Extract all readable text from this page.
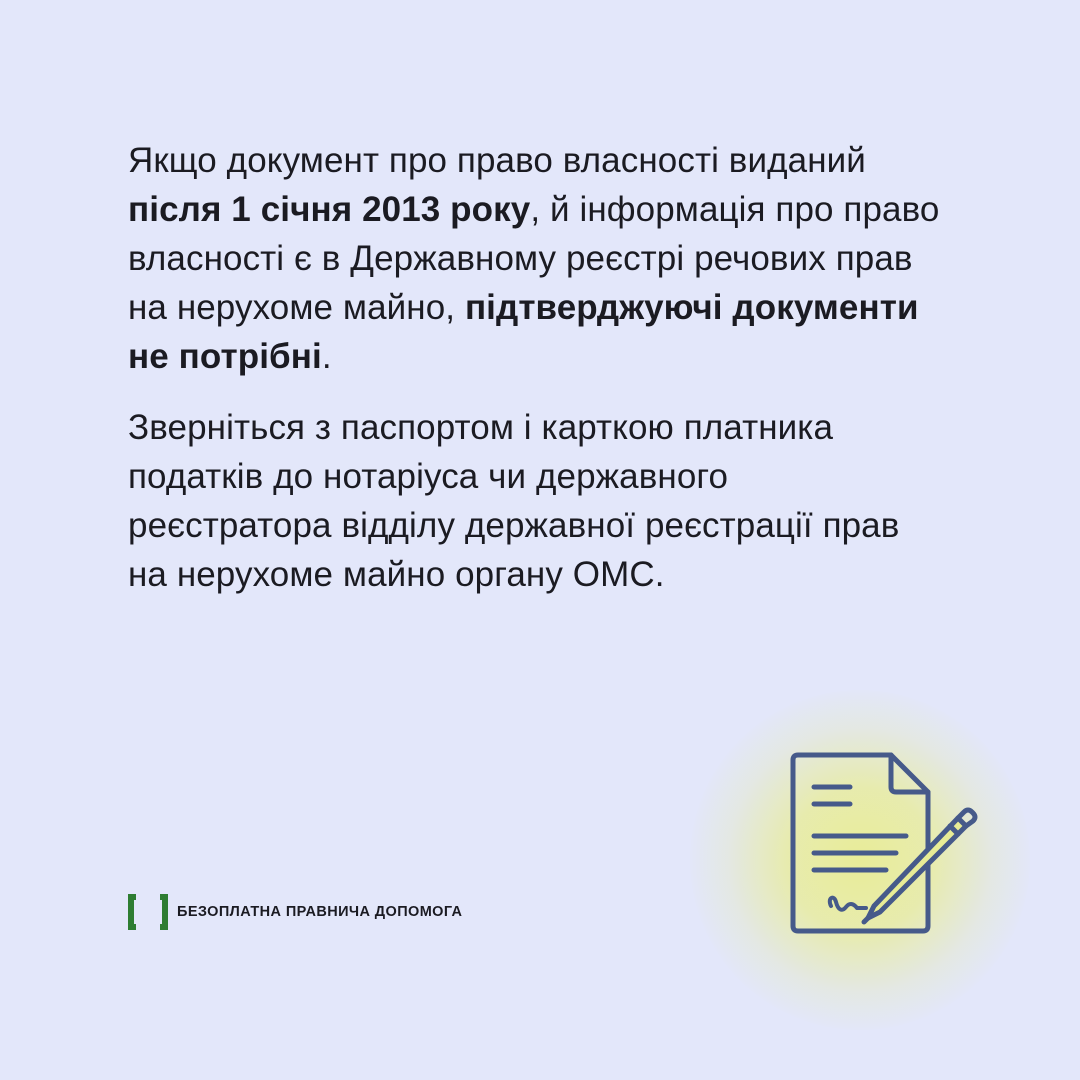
Якщо документ про право власності виданий
після 1 січня 2013 року, й інформація про право
власності є в Державному реєстрі речових прав
на нерухоме майно, підтверджуючі документи
не потрібні.
Зверніться з паспортом і карткою платника
податків до нотаріуса чи державного
реєстратора відділу державної реєстрації прав
на нерухоме майно органу ОМС.
БЕЗОПЛАТНА ПРАВНИЧА ДОПОМОГА
